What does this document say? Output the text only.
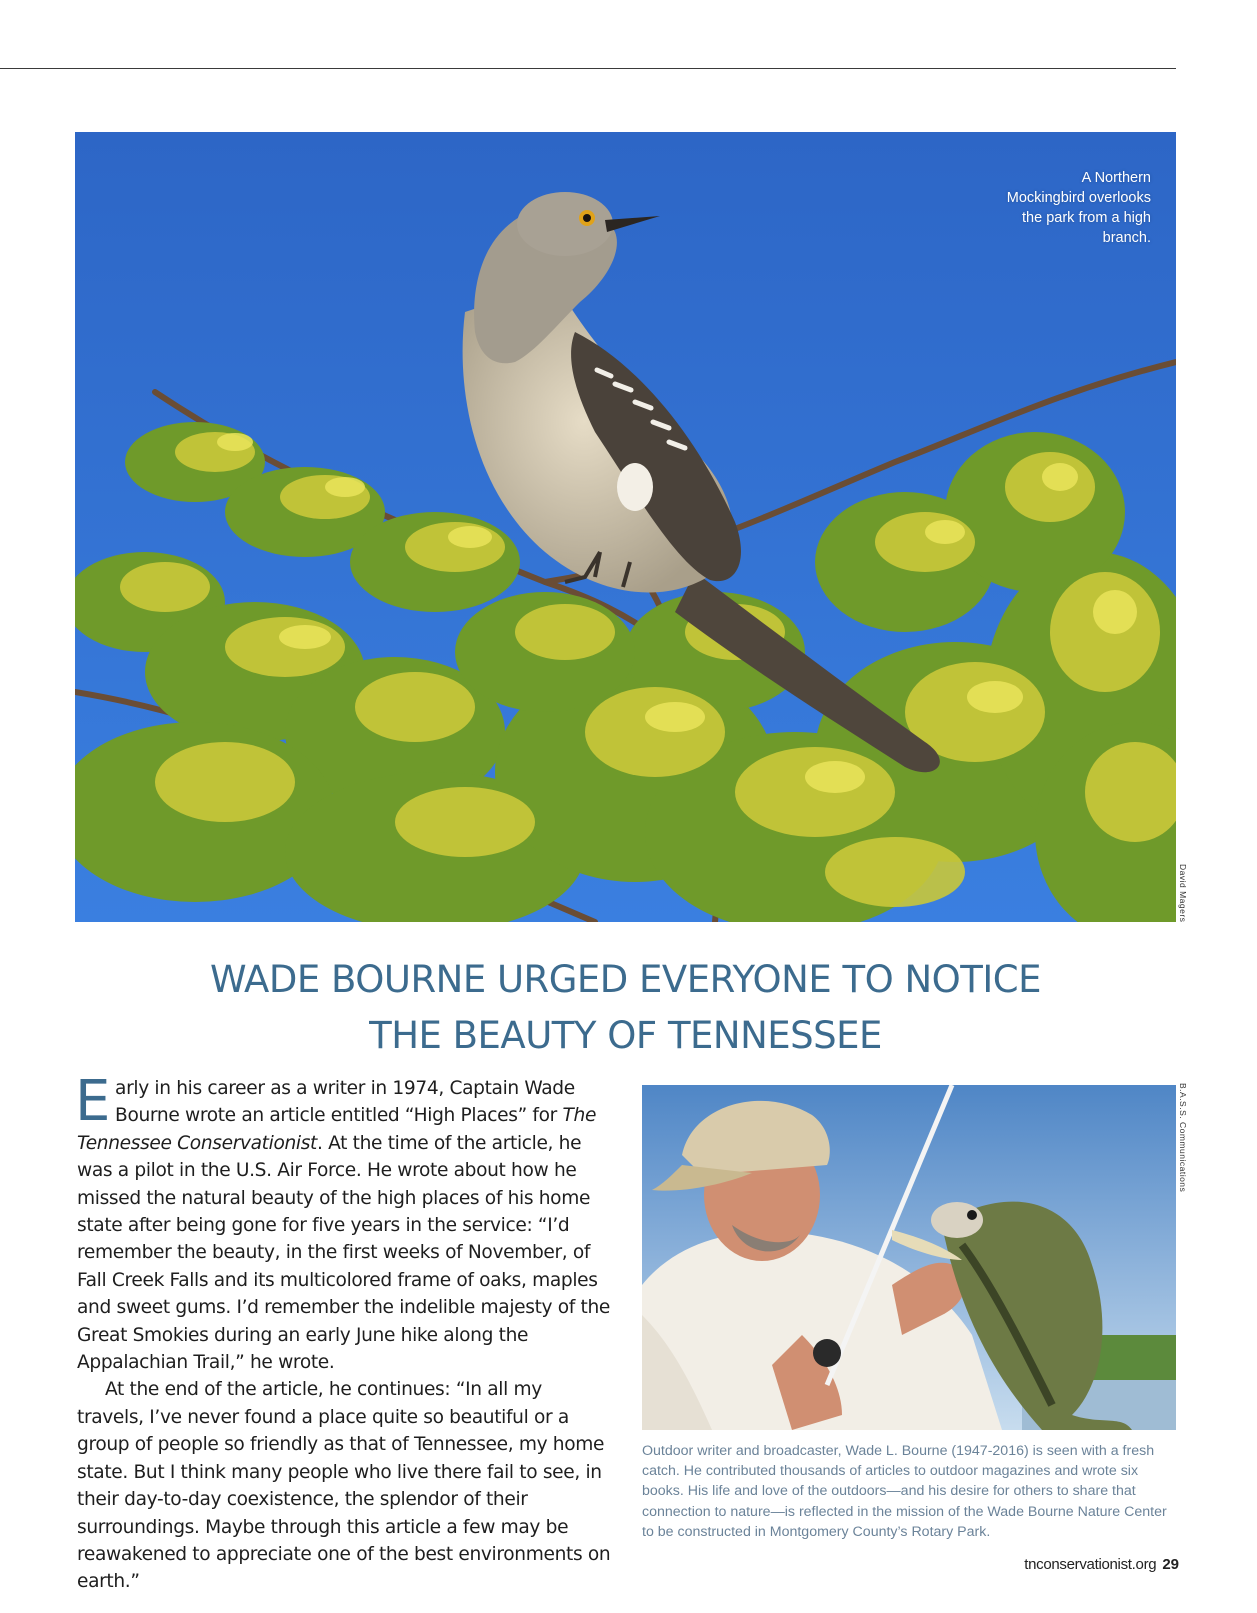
A Northern Mockingbird overlooks the park from a high branch.
David Magers
WADE BOURNE URGED EVERYONE TO NOTICE
THE BEAUTY OF TENNESSEE

Early in his career as a writer in 1974, Captain Wade Bourne wrote an article entitled “High Places” for The Tennessee Conservationist. At the time of the article, he was a pilot in the U.S. Air Force. He wrote about how he missed the natural beauty of the high places of his home state after being gone for five years in the service: “I’d remember the beauty, in the first weeks of November, of Fall Creek Falls and its multicolored frame of oaks, maples and sweet gums. I’d remember the indelible majesty of the Great Smokies during an early June hike along the Appalachian Trail,” he wrote.

At the end of the article, he continues: “In all my travels, I’ve never found a place quite so beautiful or a group of people so friendly as that of Tennessee, my home state. But I think many people who live there fail to see, in their day-to-day coexistence, the splendor of their surroundings. Maybe through this article a few may be reawakened to appreciate one of the best environments on earth.”

B.A.S.S. Communications
Outdoor writer and broadcaster, Wade L. Bourne (1947-2016) is seen with a fresh catch. He contributed thousands of articles to outdoor magazines and wrote six books. His life and love of the outdoors—and his desire for others to share that connection to nature—is reflected in the mission of the Wade Bourne Nature Center to be constructed in Montgomery County’s Rotary Park.
tnconservationist.org 29
